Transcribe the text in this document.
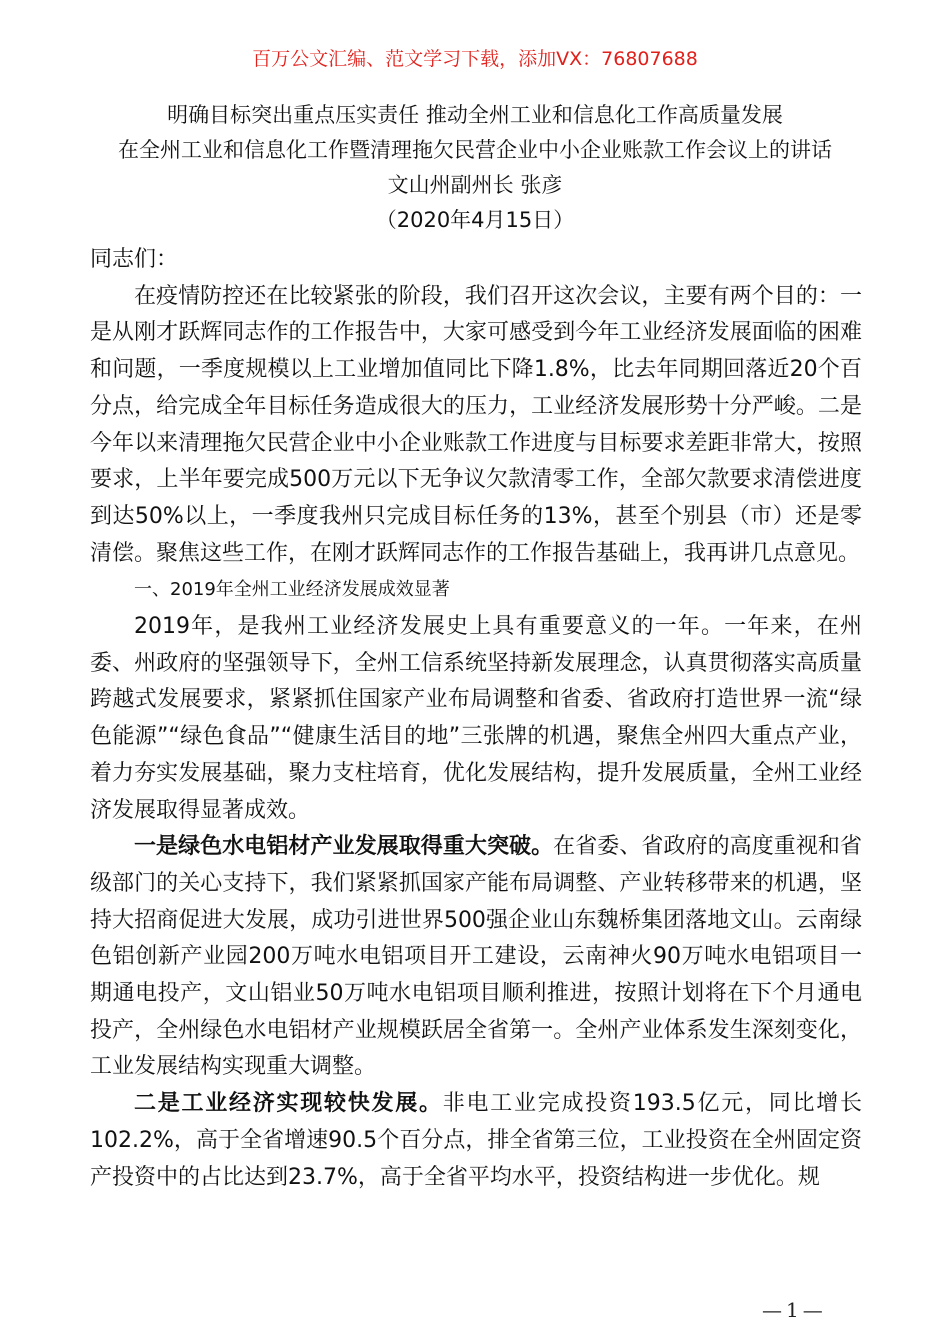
百万公文汇编、范文学习下载，添加VX：76807688
明确目标突出重点压实责任 推动全州工业和信息化工作高质量发展
在全州工业和信息化工作暨清理拖欠民营企业中小企业账款工作会议上的讲话
文山州副州长 张彦
（2020年4月15日）

同志们：

在疫情防控还在比较紧张的阶段，我们召开这次会议，主要有两个目的：一是从刚才跃辉同志作的工作报告中，大家可感受到今年工业经济发展面临的困难和问题，一季度规模以上工业增加值同比下降1.8%，比去年同期回落近20个百分点，给完成全年目标任务造成很大的压力，工业经济发展形势十分严峻。二是今年以来清理拖欠民营企业中小企业账款工作进度与目标要求差距非常大，按照要求，上半年要完成500万元以下无争议欠款清零工作，全部欠款要求清偿进度到达50%以上，一季度我州只完成目标任务的13%，甚至个别县（市）还是零清偿。聚焦这些工作，在刚才跃辉同志作的工作报告基础上，我再讲几点意见。

一、2019年全州工业经济发展成效显著

2019年，是我州工业经济发展史上具有重要意义的一年。一年来，在州委、州政府的坚强领导下，全州工信系统坚持新发展理念，认真贯彻落实高质量跨越式发展要求，紧紧抓住国家产业布局调整和省委、省政府打造世界一流“绿色能源”“绿色食品”“健康生活目的地”三张牌的机遇，聚焦全州四大重点产业，着力夯实发展基础，聚力支柱培育，优化发展结构，提升发展质量，全州工业经济发展取得显著成效。

一是绿色水电铝材产业发展取得重大突破。在省委、省政府的高度重视和省级部门的关心支持下，我们紧紧抓国家产能布局调整、产业转移带来的机遇，坚持大招商促进大发展，成功引进世界500强企业山东魏桥集团落地文山。云南绿色铝创新产业园200万吨水电铝项目开工建设，云南神火90万吨水电铝项目一期通电投产，文山铝业50万吨水电铝项目顺利推进，按照计划将在下个月通电投产，全州绿色水电铝材产业规模跃居全省第一。全州产业体系发生深刻变化，工业发展结构实现重大调整。

二是工业经济实现较快发展。非电工业完成投资193.5亿元，同比增长102.2%，高于全省增速90.5个百分点，排全省第三位，工业投资在全州固定资产投资中的占比达到23.7%，高于全省平均水平，投资结构进一步优化。规

—1—
